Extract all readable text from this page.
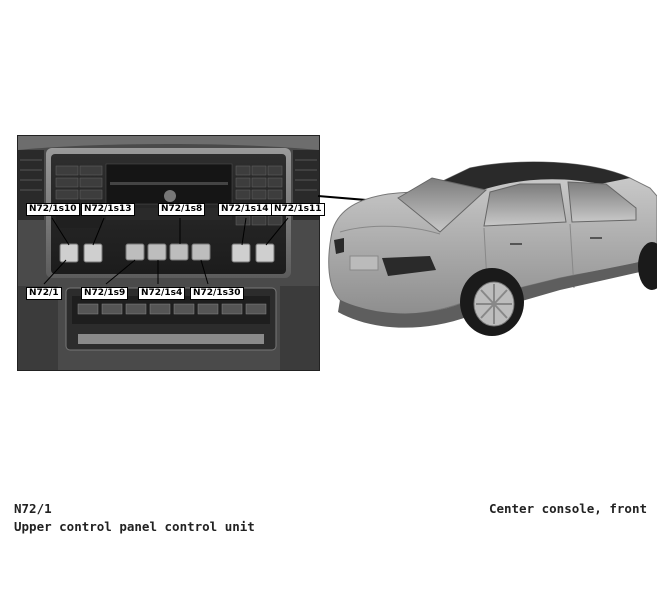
N72/1s10 N72/1s13	N72/1s8	N72/1s14 N72/1s11
N72/1	N72/1s9	N72/1s4	N72/1s30
N72/1
Upper control panel control unit
Center console, front
